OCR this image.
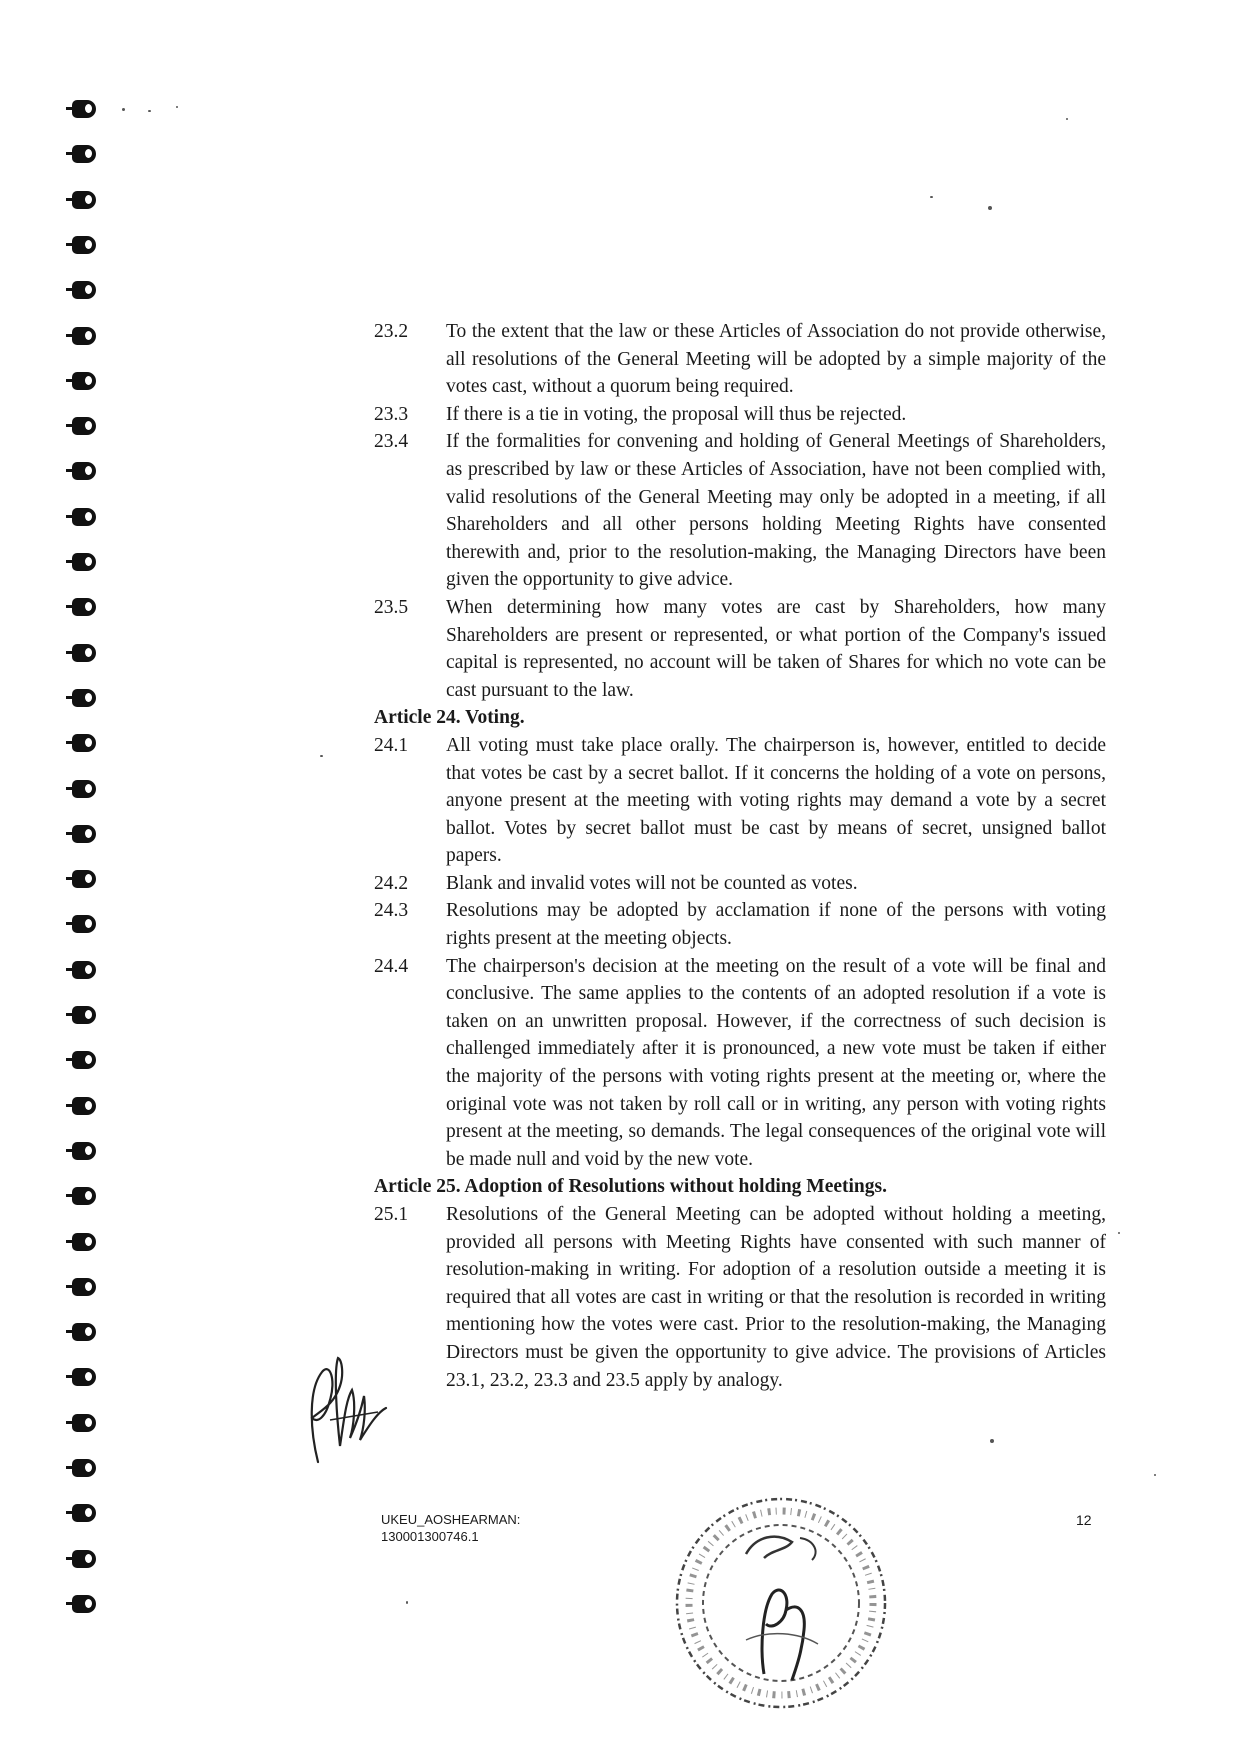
23.2	To the extent that the law or these Articles of Association do not provide otherwise, all resolutions of the General Meeting will be adopted by a simple majority of the votes cast, without a quorum being required.
23.3	If there is a tie in voting, the proposal will thus be rejected.
23.4	If the formalities for convening and holding of General Meetings of Shareholders, as prescribed by law or these Articles of Association, have not been complied with, valid resolutions of the General Meeting may only be adopted in a meeting, if all Shareholders and all other persons holding Meeting Rights have consented therewith and, prior to the resolution-making, the Managing Directors have been given the opportunity to give advice.
23.5	When determining how many votes are cast by Shareholders, how many Shareholders are present or represented, or what portion of the Company's issued capital is represented, no account will be taken of Shares for which no vote can be cast pursuant to the law.
Article 24. Voting.
24.1	All voting must take place orally. The chairperson is, however, entitled to decide that votes be cast by a secret ballot. If it concerns the holding of a vote on persons, anyone present at the meeting with voting rights may demand a vote by a secret ballot. Votes by secret ballot must be cast by means of secret, unsigned ballot papers.
24.2	Blank and invalid votes will not be counted as votes.
24.3	Resolutions may be adopted by acclamation if none of the persons with voting rights present at the meeting objects.
24.4	The chairperson's decision at the meeting on the result of a vote will be final and conclusive. The same applies to the contents of an adopted resolution if a vote is taken on an unwritten proposal. However, if the correctness of such decision is challenged immediately after it is pronounced, a new vote must be taken if either the majority of the persons with voting rights present at the meeting or, where the original vote was not taken by roll call or in writing, any person with voting rights present at the meeting, so demands. The legal consequences of the original vote will be made null and void by the new vote.
Article 25. Adoption of Resolutions without holding Meetings.
25.1	Resolutions of the General Meeting can be adopted without holding a meeting, provided all persons with Meeting Rights have consented with such manner of resolution-making in writing. For adoption of a resolution outside a meeting it is required that all votes are cast in writing or that the resolution is recorded in writing mentioning how the votes were cast. Prior to the resolution-making, the Managing Directors must be given the opportunity to give advice. The provisions of Articles 23.1, 23.2, 23.3 and 23.5 apply by analogy.
UKEU_AOSHEARMAN:
130001300746.1
12
